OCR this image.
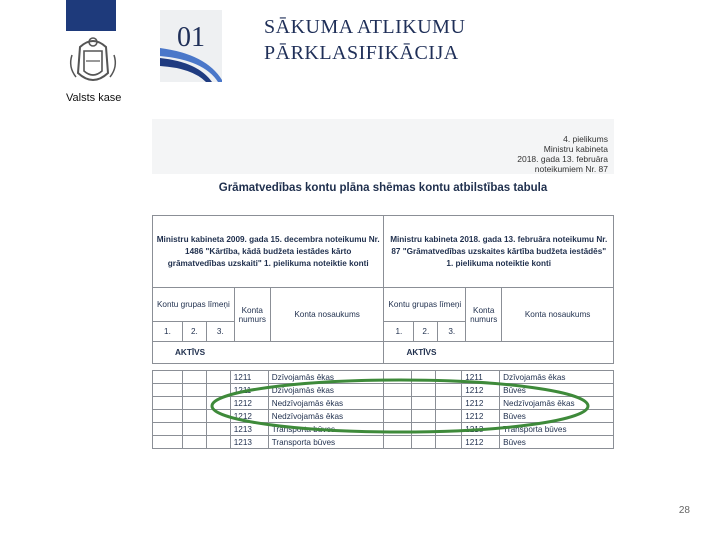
Valsts kase
01	SĀKUMA ATLIKUMU
PĀRKLASIFIKĀCIJA
4. pielikums
Ministru kabineta
2018. gada 13. februāra
noteikumiem Nr. 87
Grāmatvedības kontu plāna shēmas kontu atbilstības tabula
Ministru kabineta 2009. gada 15. decembra noteikumu Nr. 1486 "Kārtība, kādā budžeta iestādes kārto grāmatvedības uzskaiti" 1. pielikuma noteiktie konti					Ministru kabineta 2018. gada 13. februāra noteikumu Nr. 87 "Grāmatvedības uzskaites kārtība budžeta iestādēs" 1. pielikuma noteiktie konti				
Kontu grupas līmeņi			Konta numurs	Konta nosaukums	Kontu grupas līmeņi			Konta numurs	Konta nosaukums
1.	2.	3.			1.	2.	3.		
AKTĪVS					AKTĪVS				
			1211	Dzīvojamās ēkas				1211	Dzīvojamās ēkas
			1211	Dzīvojamās ēkas				1212	Būves
			1212	Nedzīvojamās ēkas				1212	Nedzīvojamās ēkas
			1212	Nedzīvojamās ēkas				1212	Būves
			1213	Transporta būves				1213	Transporta būves
			1213	Transporta būves				1212	Būves
28
